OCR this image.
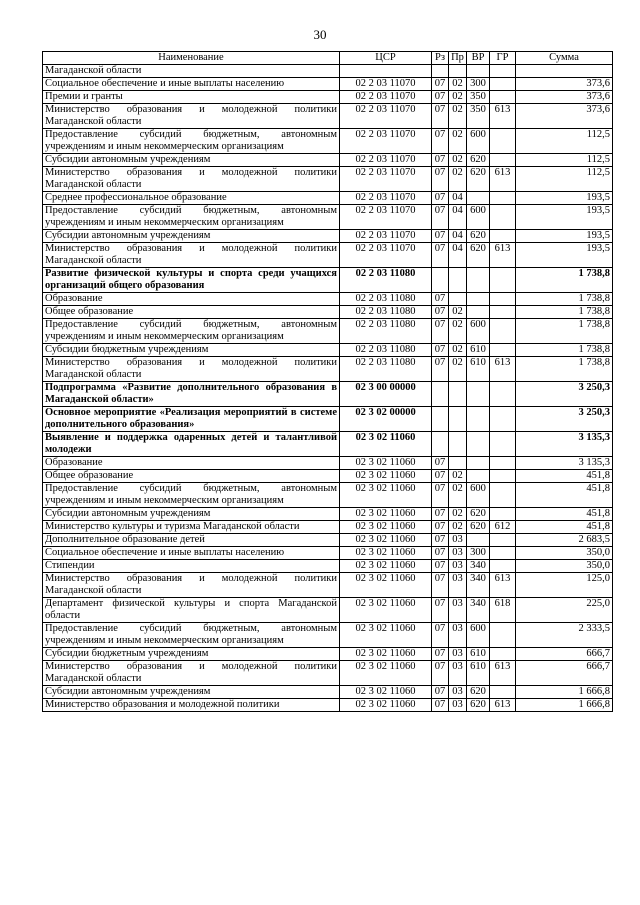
30
Наименование	ЦСР	Рз	Пр	ВР	ГР	Сумма
Магаданской области						
Социальное обеспечение и иные выплаты населению	02 2 03 11070	07	02	300		373,6
Премии и гранты	02 2 03 11070	07	02	350		373,6
Министерство образования и молодежной политики Магаданской области	02 2 03 11070	07	02	350	613	373,6
Предоставление субсидий бюджетным, автономным учреждениям и иным некоммерческим организациям	02 2 03 11070	07	02	600		112,5
Субсидии автономным учреждениям	02 2 03 11070	07	02	620		112,5
Министерство образования и молодежной политики Магаданской области	02 2 03 11070	07	02	620	613	112,5
Среднее профессиональное образование	02 2 03 11070	07	04			193,5
Предоставление субсидий бюджетным, автономным учреждениям и иным некоммерческим организациям	02 2 03 11070	07	04	600		193,5
Субсидии автономным учреждениям	02 2 03 11070	07	04	620		193,5
Министерство образования и молодежной политики Магаданской области	02 2 03 11070	07	04	620	613	193,5
Развитие физической культуры и спорта среди учащихся организаций общего образования	02 2 03 11080					1 738,8
Образование	02 2 03 11080	07				1 738,8
Общее образование	02 2 03 11080	07	02			1 738,8
Предоставление субсидий бюджетным, автономным учреждениям и иным некоммерческим организациям	02 2 03 11080	07	02	600		1 738,8
Субсидии бюджетным учреждениям	02 2 03 11080	07	02	610		1 738,8
Министерство образования и молодежной политики Магаданской области	02 2 03 11080	07	02	610	613	1 738,8
Подпрограмма «Развитие дополнительного образования в Магаданской области»	02 3 00 00000					3 250,3
Основное мероприятие «Реализация мероприятий в системе дополнительного образования»	02 3 02 00000					3 250,3
Выявление и поддержка одаренных детей и талантливой молодежи	02 3 02 11060					3 135,3
Образование	02 3 02 11060	07				3 135,3
Общее образование	02 3 02 11060	07	02			451,8
Предоставление субсидий бюджетным, автономным учреждениям и иным некоммерческим организациям	02 3 02 11060	07	02	600		451,8
Субсидии автономным учреждениям	02 3 02 11060	07	02	620		451,8
Министерство культуры и туризма Магаданской области	02 3 02 11060	07	02	620	612	451,8
Дополнительное образование детей	02 3 02 11060	07	03			2 683,5
Социальное обеспечение и иные выплаты населению	02 3 02 11060	07	03	300		350,0
Стипендии	02 3 02 11060	07	03	340		350,0
Министерство образования и молодежной политики Магаданской области	02 3 02 11060	07	03	340	613	125,0
Департамент физической культуры и спорта Магаданской области	02 3 02 11060	07	03	340	618	225,0
Предоставление субсидий бюджетным, автономным учреждениям и иным некоммерческим организациям	02 3 02 11060	07	03	600		2 333,5
Субсидии бюджетным учреждениям	02 3 02 11060	07	03	610		666,7
Министерство образования и молодежной политики Магаданской области	02 3 02 11060	07	03	610	613	666,7
Субсидии автономным учреждениям	02 3 02 11060	07	03	620		1 666,8
Министерство образования и молодежной политики	02 3 02 11060	07	03	620	613	1 666,8
